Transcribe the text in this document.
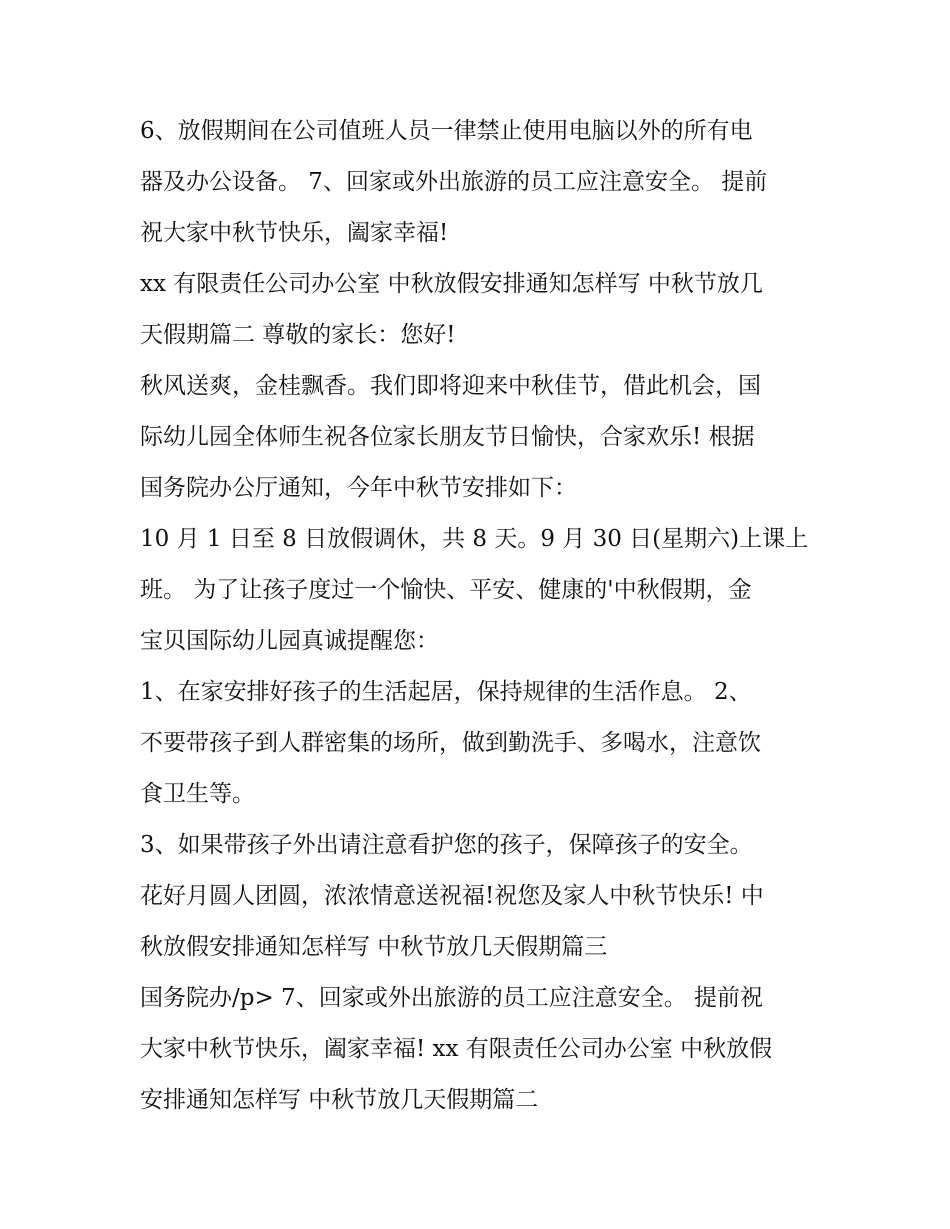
6、放假期间在公司值班人员一律禁止使用电脑以外的所有电
器及办公设备。 7、回家或外出旅游的员工应注意安全。 提前
祝大家中秋节快乐，阖家幸福!
xx 有限责任公司办公室 中秋放假安排通知怎样写 中秋节放几
天假期篇二 尊敬的家长：您好!
秋风送爽，金桂飘香。我们即将迎来中秋佳节，借此机会，国
际幼儿园全体师生祝各位家长朋友节日愉快，合家欢乐! 根据
国务院办公厅通知，今年中秋节安排如下：
10 月 1 日至 8 日放假调休，共 8 天。9 月 30 日(星期六)上课上
班。 为了让孩子度过一个愉快、平安、健康的'中秋假期，金
宝贝国际幼儿园真诚提醒您：
1、在家安排好孩子的生活起居，保持规律的生活作息。 2、
不要带孩子到人群密集的场所，做到勤洗手、多喝水，注意饮
食卫生等。
3、如果带孩子外出请注意看护您的孩子，保障孩子的安全。
花好月圆人团圆，浓浓情意送祝福!祝您及家人中秋节快乐! 中
秋放假安排通知怎样写 中秋节放几天假期篇三
国务院办/p> 7、回家或外出旅游的员工应注意安全。 提前祝
大家中秋节快乐，阖家幸福! xx 有限责任公司办公室 中秋放假
安排通知怎样写 中秋节放几天假期篇二
